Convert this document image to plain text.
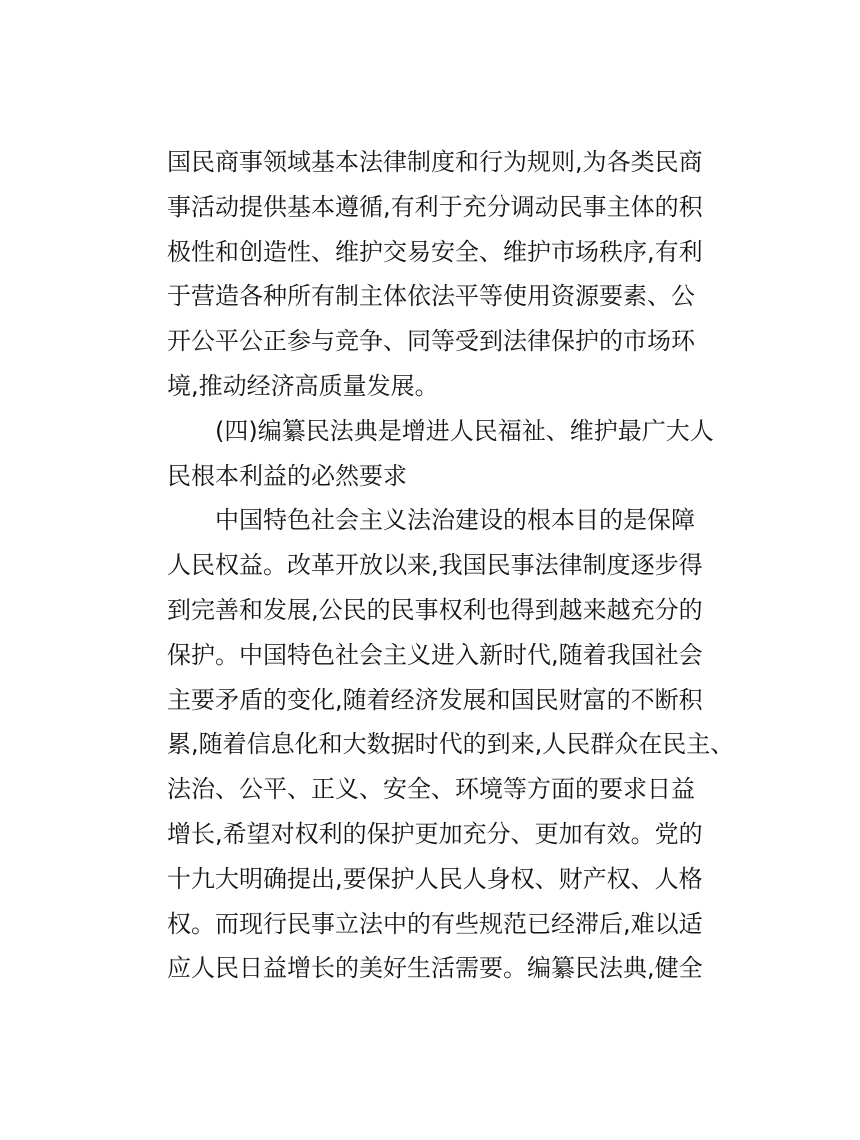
国民商事领域基本法律制度和行为规则,为各类民商
事活动提供基本遵循,有利于充分调动民事主体的积
极性和创造性、维护交易安全、维护市场秩序,有利
于营造各种所有制主体依法平等使用资源要素、公
开公平公正参与竞争、同等受到法律保护的市场环
境,推动经济高质量发展。
(四)编纂民法典是增进人民福祉、维护最广大人
民根本利益的必然要求
中国特色社会主义法治建设的根本目的是保障
人民权益。改革开放以来,我国民事法律制度逐步得
到完善和发展,公民的民事权利也得到越来越充分的
保护。中国特色社会主义进入新时代,随着我国社会
主要矛盾的变化,随着经济发展和国民财富的不断积
累,随着信息化和大数据时代的到来,人民群众在民主、
法治、公平、正义、安全、环境等方面的要求日益
增长,希望对权利的保护更加充分、更加有效。党的
十九大明确提出,要保护人民人身权、财产权、人格
权。而现行民事立法中的有些规范已经滞后,难以适
应人民日益增长的美好生活需要。编纂民法典,健全
